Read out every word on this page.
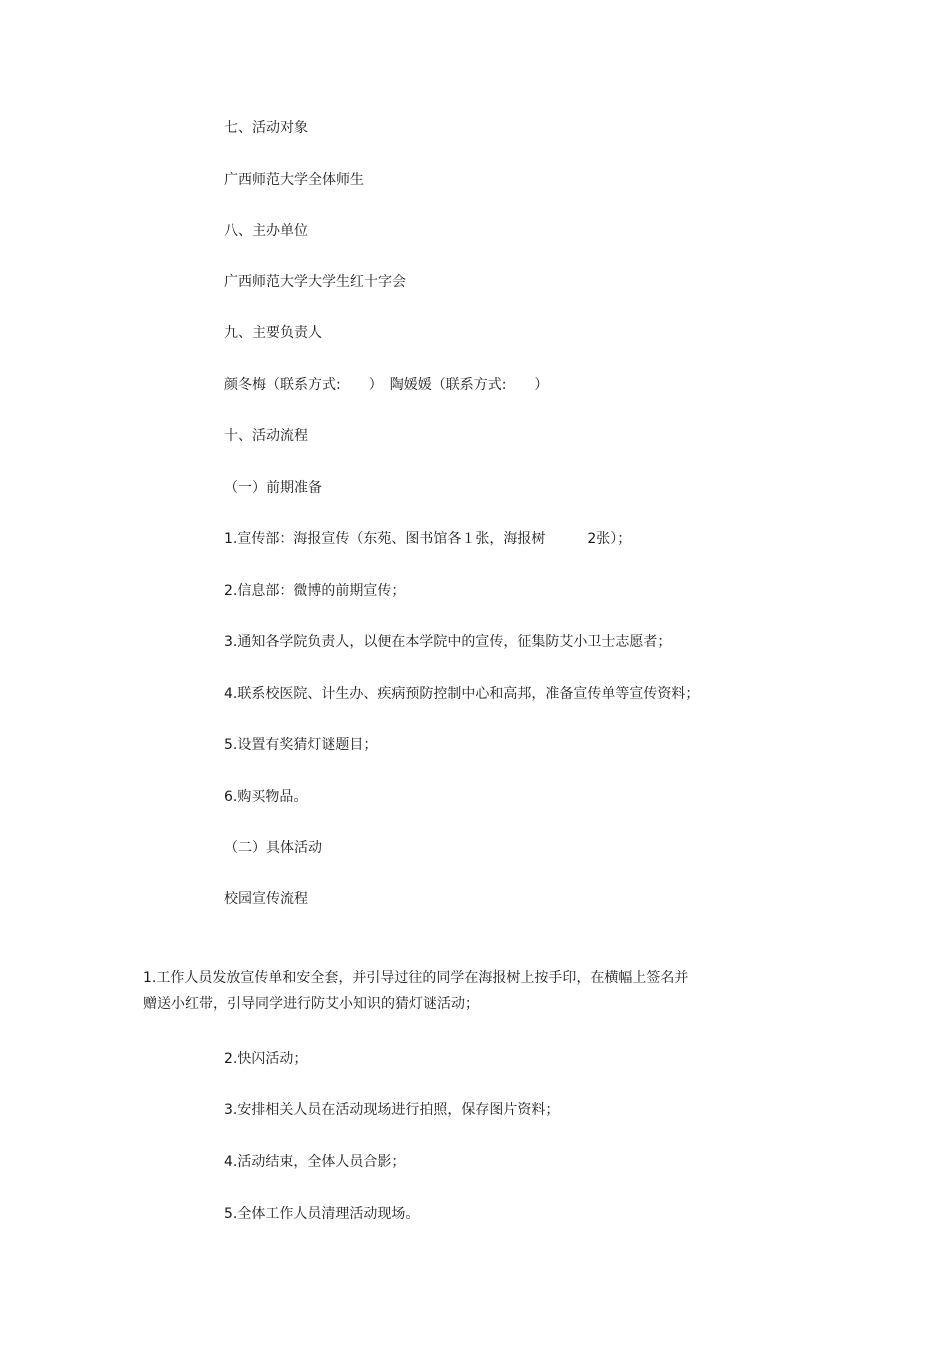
七、活动对象
广西师范大学全体师生
八、主办单位
广西师范大学大学生红十字会
九、主要负责人
颜冬梅（联系方式:　　）　陶媛媛（联系方式:　　）
十、活动流程
（一）前期准备
1.宣传部：海报宣传（东苑、图书馆各１张，海报树　　　2张）；
2.信息部：微博的前期宣传；
3.通知各学院负责人，以便在本学院中的宣传，征集防艾小卫士志愿者；
4.联系校医院、计生办、疾病预防控制中心和高邦，准备宣传单等宣传资料；
5.设置有奖猜灯谜题目；
6.购买物品。
（二）具体活动
校园宣传流程
1.工作人员发放宣传单和安全套，并引导过往的同学在海报树上按手印，在横幅上签名并
赠送小红带，引导同学进行防艾小知识的猜灯谜活动；
2.快闪活动；
3.安排相关人员在活动现场进行拍照，保存图片资料；
4.活动结束，全体人员合影；
5.全体工作人员清理活动现场。
